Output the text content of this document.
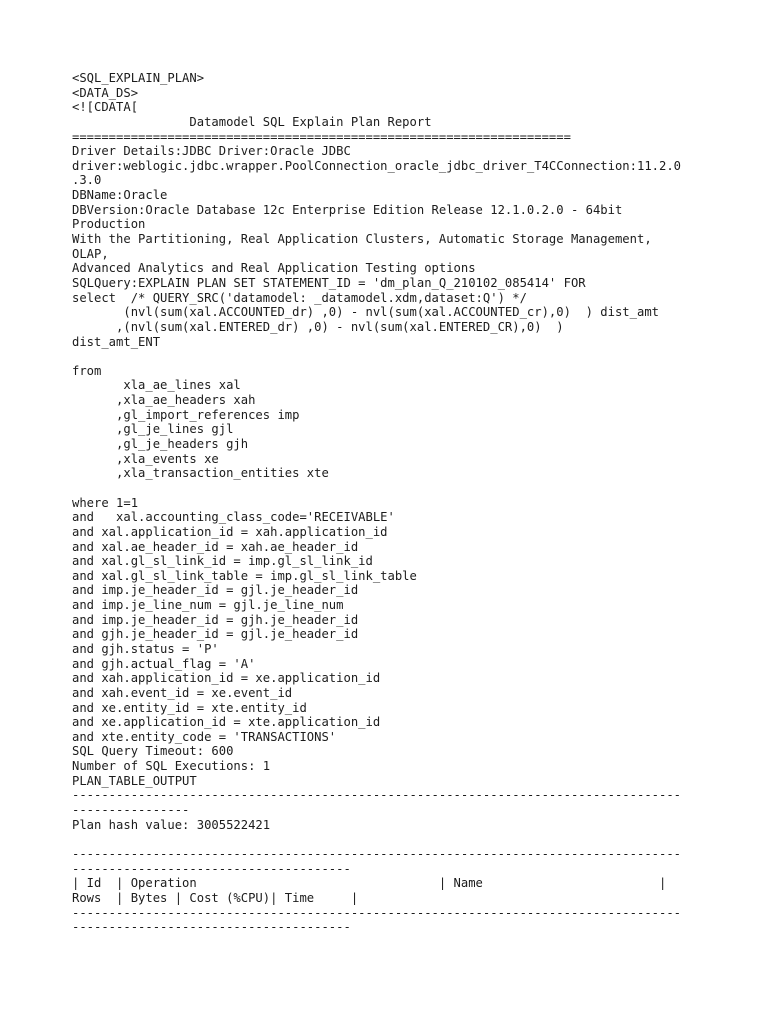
<SQL_EXPLAIN_PLAN>
<DATA_DS>
<![CDATA[
Datamodel SQL Explain Plan Report
====================================================================
Driver Details:JDBC Driver:Oracle JDBC
driver:weblogic.jdbc.wrapper.PoolConnection_oracle_jdbc_driver_T4CConnection:11.2.0
.3.0
DBName:Oracle
DBVersion:Oracle Database 12c Enterprise Edition Release 12.1.0.2.0 - 64bit
Production
With the Partitioning, Real Application Clusters, Automatic Storage Management,
OLAP,
Advanced Analytics and Real Application Testing options
SQLQuery:EXPLAIN PLAN SET STATEMENT_ID = 'dm_plan_Q_210102_085414' FOR
select  /* QUERY_SRC('datamodel: _datamodel.xdm,dataset:Q') */
(nvl(sum(xal.ACCOUNTED_dr) ,0) - nvl(sum(xal.ACCOUNTED_cr),0)  ) dist_amt
,(nvl(sum(xal.ENTERED_dr) ,0) - nvl(sum(xal.ENTERED_CR),0)  )
dist_amt_ENT
from
xla_ae_lines xal
,xla_ae_headers xah
,gl_import_references imp
,gl_je_lines gjl
,gl_je_headers gjh
,xla_events xe
,xla_transaction_entities xte
where 1=1
and   xal.accounting_class_code='RECEIVABLE'
and xal.application_id = xah.application_id
and xal.ae_header_id = xah.ae_header_id
and xal.gl_sl_link_id = imp.gl_sl_link_id
and xal.gl_sl_link_table = imp.gl_sl_link_table
and imp.je_header_id = gjl.je_header_id
and imp.je_line_num = gjl.je_line_num
and imp.je_header_id = gjh.je_header_id
and gjh.je_header_id = gjl.je_header_id
and gjh.status = 'P'
and gjh.actual_flag = 'A'
and xah.application_id = xe.application_id
and xah.event_id = xe.event_id
and xe.entity_id = xte.entity_id
and xe.application_id = xte.application_id
and xte.entity_code = 'TRANSACTIONS'
SQL Query Timeout: 600
Number of SQL Executions: 1
PLAN_TABLE_OUTPUT
-----------------------------------------------------------------------------------
----------------
Plan hash value: 3005522421
-----------------------------------------------------------------------------------
--------------------------------------
| Id  | Operation                                 | Name                        |
Rows  | Bytes | Cost (%CPU)| Time     |
-----------------------------------------------------------------------------------
--------------------------------------
